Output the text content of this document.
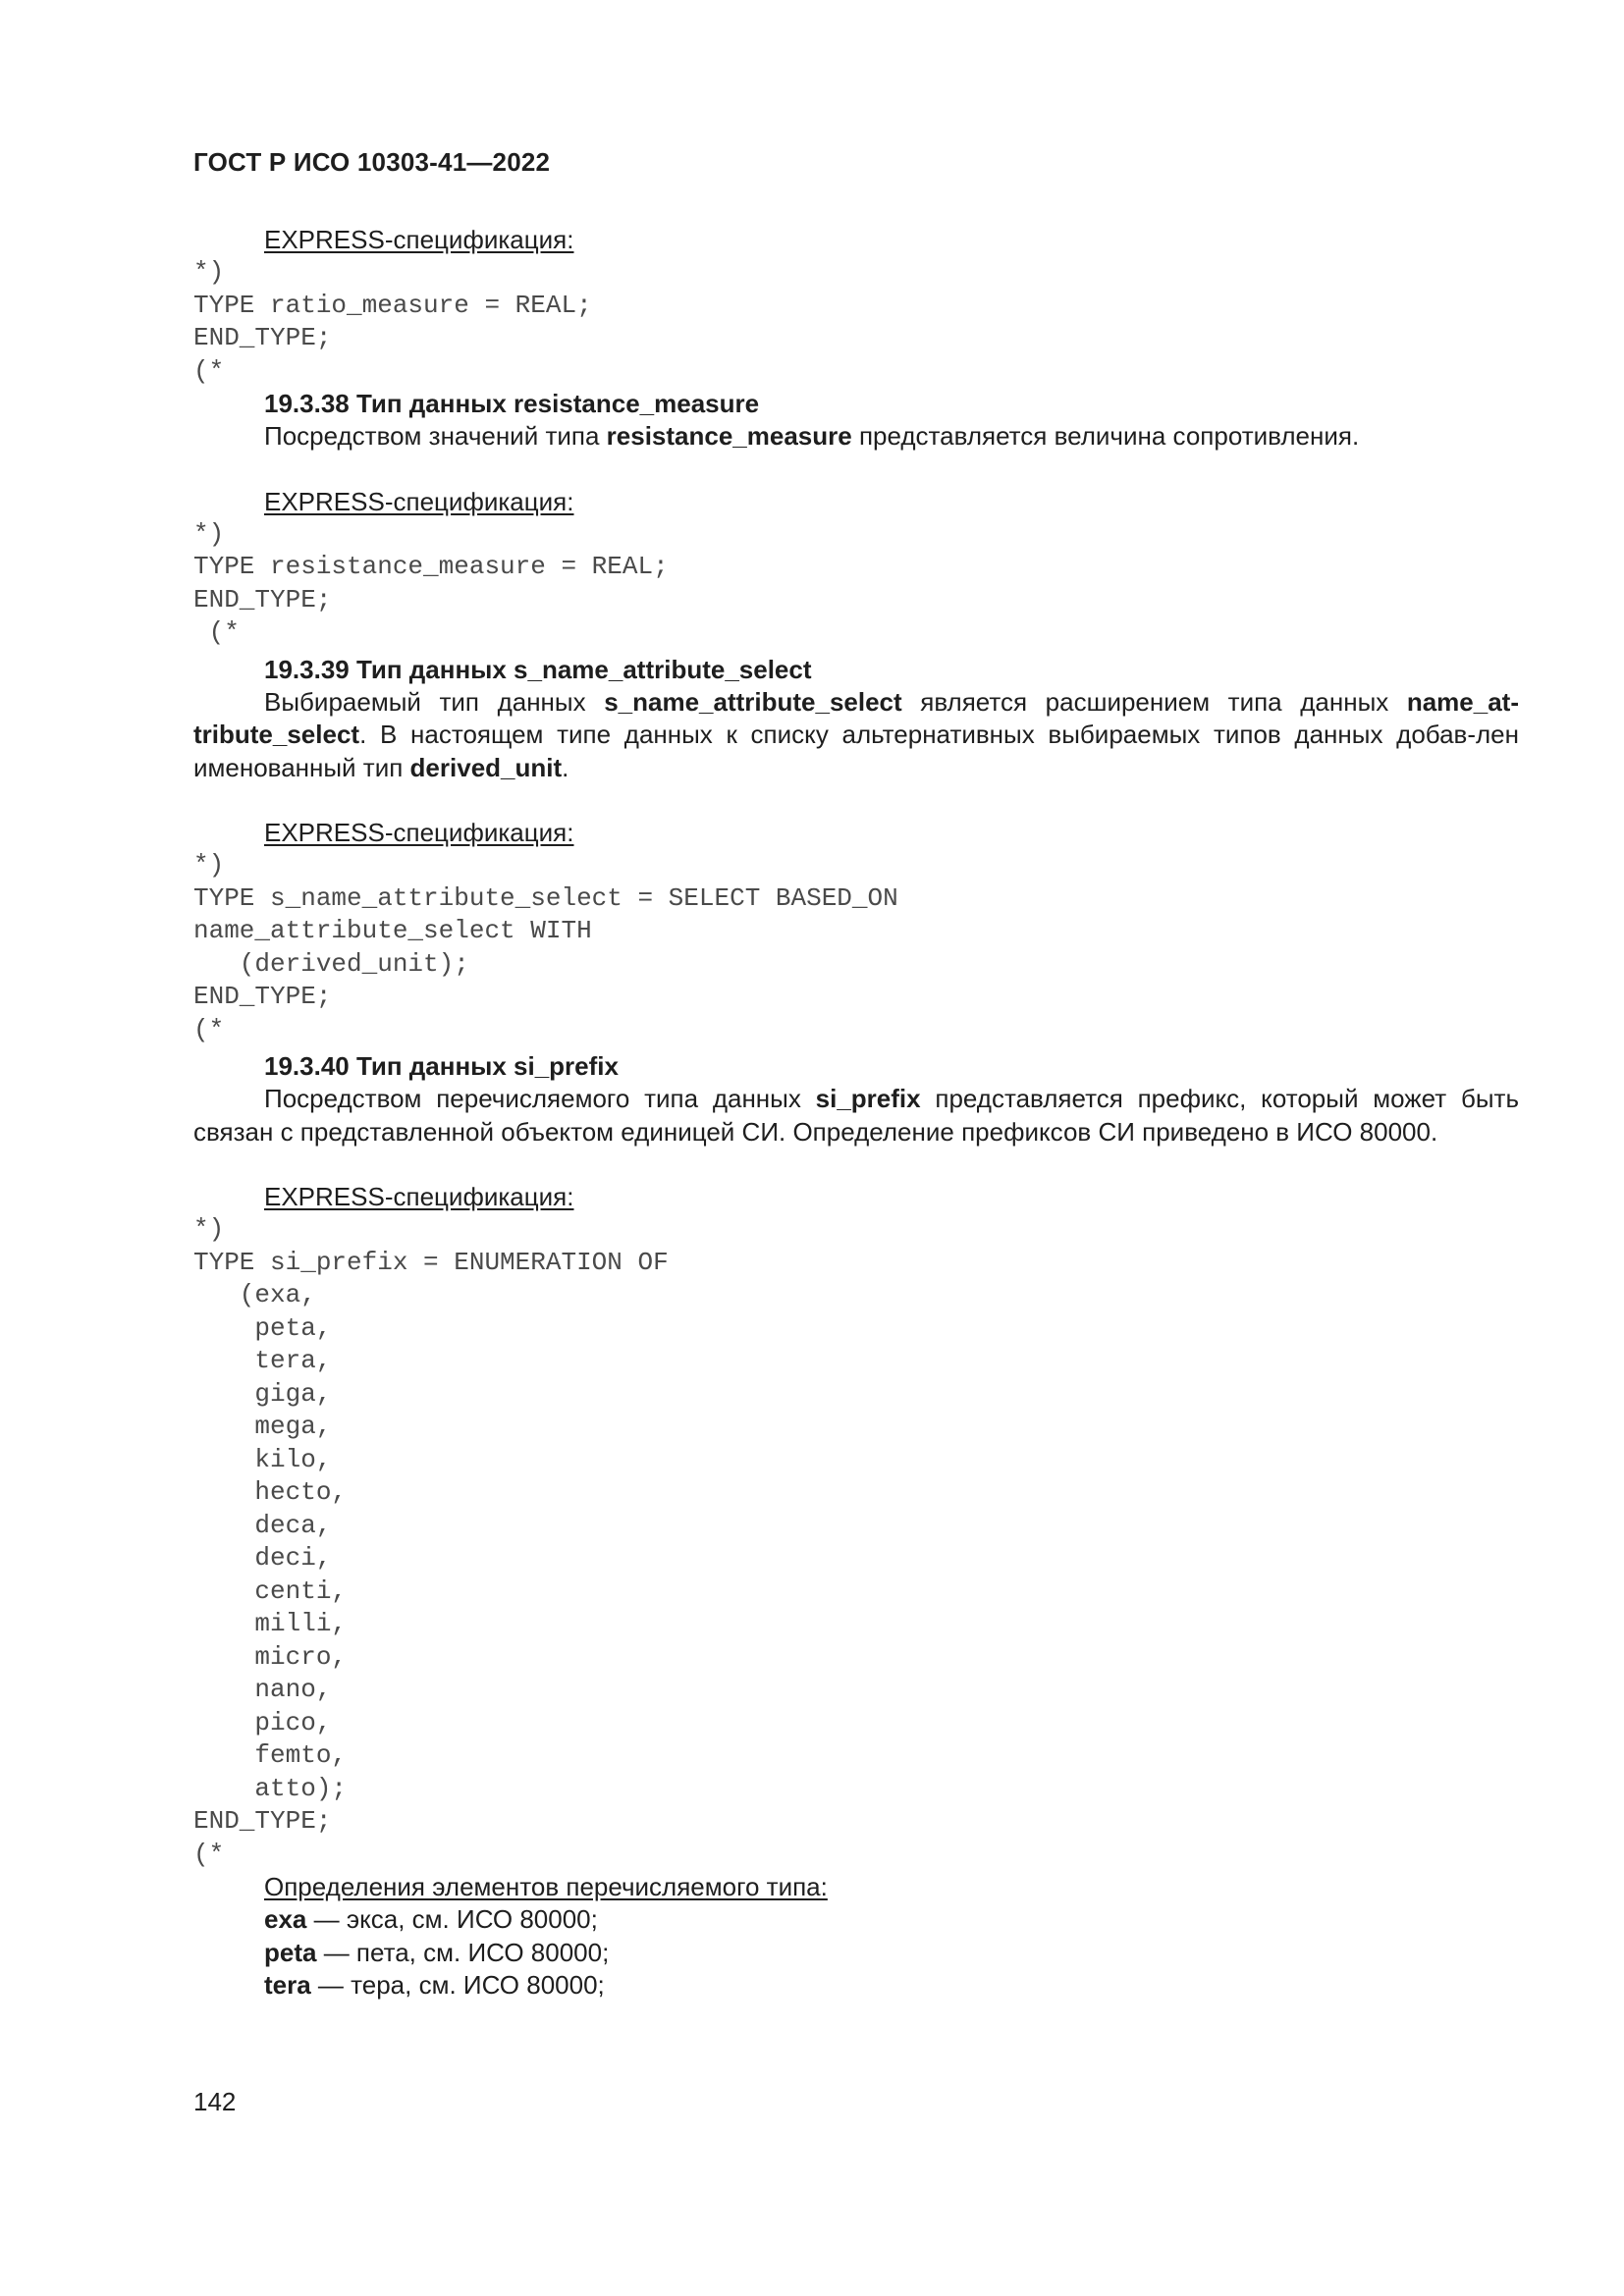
ГОСТ Р ИСО 10303-41—2022
EXPRESS-спецификация:
*)
TYPE ratio_measure = REAL;
END_TYPE;
(*
19.3.38 Тип данных resistance_measure

Посредством значений типа resistance_measure представляется величина сопротивления.

EXPRESS-спецификация:
*)
TYPE resistance_measure = REAL;
END_TYPE;
(*
19.3.39 Тип данных s_name_attribute_select

Выбираемый тип данных s_name_attribute_select является расширением типа данных name_at-tribute_select. В настоящем типе данных к списку альтернативных выбираемых типов данных добав-лен именованный тип derived_unit.

EXPRESS-спецификация:
*)
TYPE s_name_attribute_select = SELECT BASED_ON
name_attribute_select WITH
(derived_unit);
END_TYPE;
(*
19.3.40 Тип данных si_prefix

Посредством перечисляемого типа данных si_prefix представляется префикс, который может быть связан с представленной объектом единицей СИ. Определение префиксов СИ приведено в ИСО 80000.

EXPRESS-спецификация:
*)
TYPE si_prefix = ENUMERATION OF
(exa,
peta,
tera,
giga,
mega,
kilo,
hecto,
deca,
deci,
centi,
milli,
micro,
nano,
pico,
femto,
atto);
END_TYPE;
(*
Определения элементов перечисляемого типа:
exa — экса, см. ИСО 80000;
peta — пета, см. ИСО 80000;
tera — тера, см. ИСО 80000;
142
